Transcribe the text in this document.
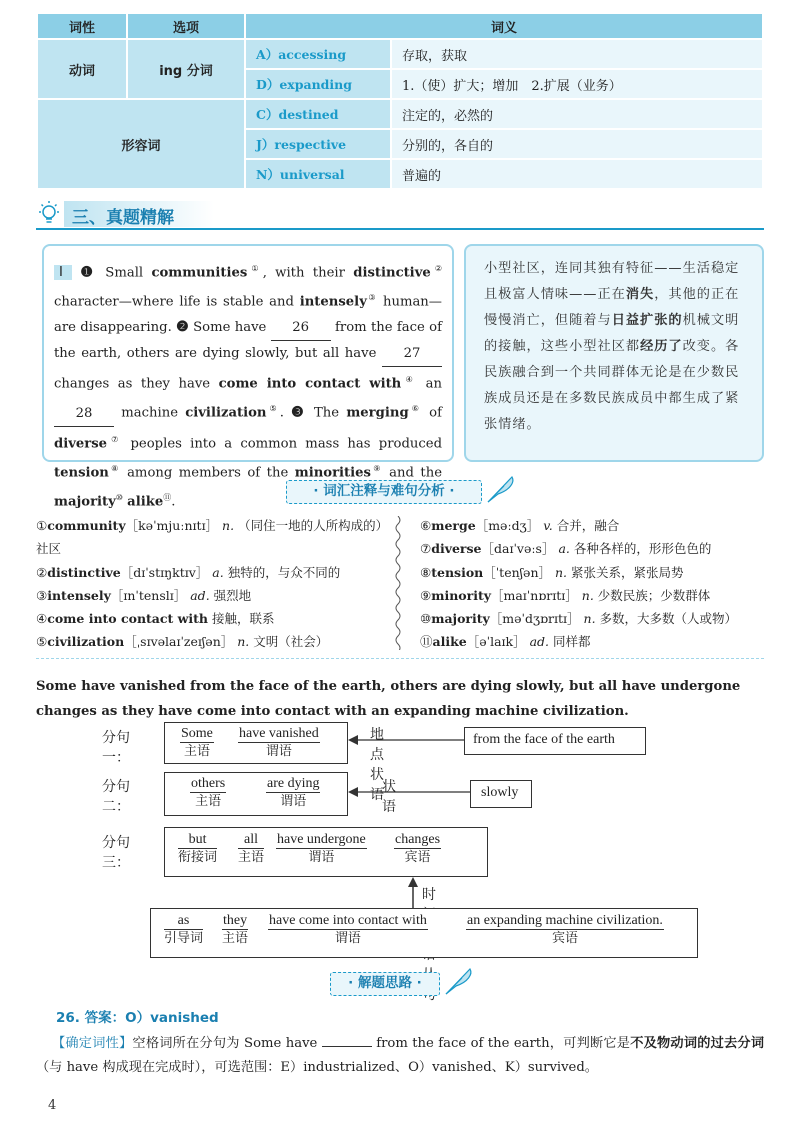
词性	选项	词义	
动词	ing 分词	A）accessing	存取，获取
		D）expanding	1.（使）扩大；增加　2.扩展（业务）
形容词		C）destined	注定的，必然的
		J）respective	分别的，各自的
		N）universal	普遍的
三、真题精解
Ⅰ ❶ Small communities①, with their distinctive② character—where life is stable and intensely③ human—are disappearing. ❷ Some have 26 from the face of the earth, others are dying slowly, but all have 27 changes as they have come into contact with④ an 28 machine civilization⑤. ❸ The merging⑥ of diverse⑦ peoples into a common mass has produced tension⑧ among members of the minorities⑨ and the majority⑩ alike⑪.
小型社区，连同其独有特征——生活稳定且极富人情味——正在消失，其他的正在慢慢消亡，但随着与日益扩张的机械文明的接触，这些小型社区都经历了改变。各民族融合到一个共同群体无论是在少数民族成员还是在多数民族成员中都生成了紧张情绪。
· 词汇注释与难句分析 ·
①community［kəˈmjuːnɪtɪ］ n. （同住一地的人所构成的）社区
②distinctive［dɪˈstɪŋktɪv］ a. 独特的，与众不同的
③intensely［ɪnˈtenslɪ］ ad. 强烈地
④come into contact with 接触，联系
⑤civilization［ˌsɪvəlaɪˈzeɪʃən］ n. 文明（社会）
⑥merge［məːdʒ］ v. 合并，融合
⑦diverse［daɪˈvəːs］ a. 各种各样的，形形色色的
⑧tension［ˈtenʃən］ n. 紧张关系，紧张局势
⑨minority［maɪˈnɒrɪtɪ］ n. 少数民族；少数群体
⑩majority［məˈdʒɒrɪtɪ］ n. 多数，大多数（人或物）
⑪alike［əˈlaɪk］ ad. 同样都
Some have vanished from the face of the earth, others are dying slowly, but all have undergone changes as they have come into contact with an expanding machine civilization.
分句一：
Some
主语
have vanished
谓语
地点状语
from the face of the earth
分句二：
others
主语
are dying
谓语
状语
slowly
分句三：
but
衔接词
all
主语
have undergone
谓语
changes
宾语
时
as
引导词
they
主语
have come into contact with
谓语
an expanding machine civilization.
宾语
· 解题思路 ·
26. 答案：O）vanished
【确定词性】空格词所在分句为 Some have	from the face of the earth，可判断它是不及物动词的过去分词（与 have 构成现在完成时），可选范围：E）industrialized、O）vanished、K）survived。
4
